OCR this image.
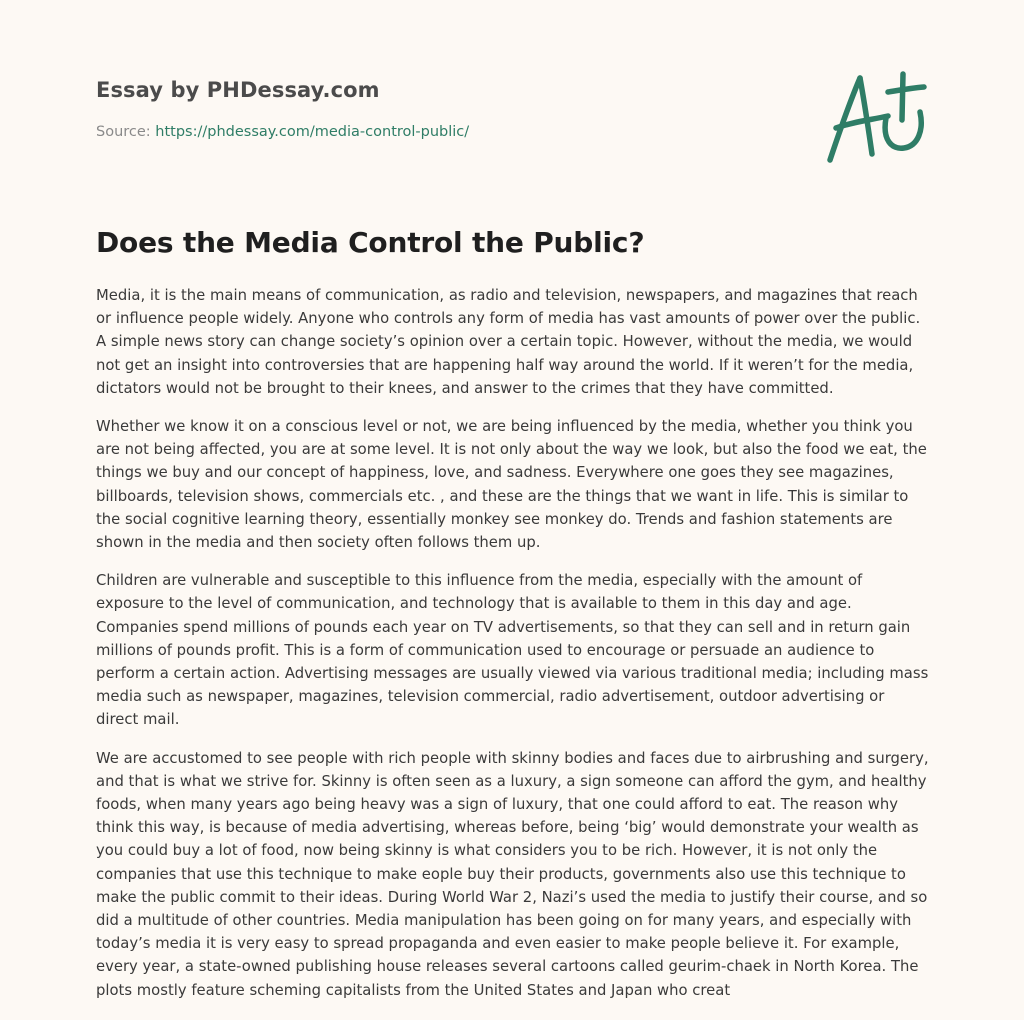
Essay by PHDessay.com
Source: https://phdessay.com/media-control-public/
Does the Media Control the Public?

Media, it is the main means of communication, as radio and television, newspapers, and magazines that reach or influence people widely. Anyone who controls any form of media has vast amounts of power over the public. A simple news story can change society’s opinion over a certain topic. However, without the media, we would not get an insight into controversies that are happening half way around the world. If it weren’t for the media, dictators would not be brought to their knees, and answer to the crimes that they have committed.

Whether we know it on a conscious level or not, we are being influenced by the media, whether you think you are not being affected, you are at some level. It is not only about the way we look, but also the food we eat, the things we buy and our concept of happiness, love, and sadness. Everywhere one goes they see magazines, billboards, television shows, commercials etc. , and these are the things that we want in life. This is similar to the social cognitive learning theory, essentially monkey see monkey do. Trends and fashion statements are shown in the media and then society often follows them up.

Children are vulnerable and susceptible to this influence from the media, especially with the amount of exposure to the level of communication, and technology that is available to them in this day and age. Companies spend millions of pounds each year on TV advertisements, so that they can sell and in return gain millions of pounds profit. This is a form of communication used to encourage or persuade an audience to perform a certain action. Advertising messages are usually viewed via various traditional media; including mass media such as newspaper, magazines, television commercial, radio advertisement, outdoor advertising or direct mail.

We are accustomed to see people with rich people with skinny bodies and faces due to airbrushing and surgery, and that is what we strive for. Skinny is often seen as a luxury, a sign someone can afford the gym, and healthy foods, when many years ago being heavy was a sign of luxury, that one could afford to eat. The reason why think this way, is because of media advertising, whereas before, being ‘big’ would demonstrate your wealth as you could buy a lot of food, now being skinny is what considers you to be rich. However, it is not only the companies that use this technique to make eople buy their products, governments also use this technique to make the public commit to their ideas. During World War 2, Nazi’s used the media to justify their course, and so did a multitude of other countries. Media manipulation has been going on for many years, and especially with today’s media it is very easy to spread propaganda and even easier to make people believe it. For example, every year, a state-owned publishing house releases several cartoons called geurim-chaek in North Korea. The plots mostly feature scheming capitalists from the United States and Japan who creat
